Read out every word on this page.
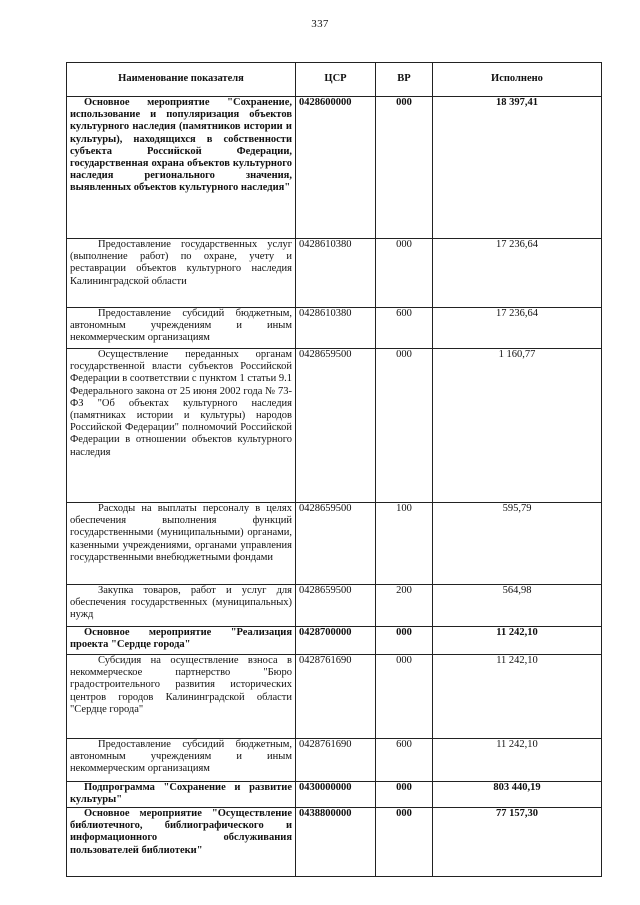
337
Наименование показателя	ЦСР	ВР	Исполнено
Основное мероприятие "Сохранение, использование и популяризация объектов культурного наследия (памятников истории и культуры), находящихся в собственности субъекта Российской Федерации, государственная охрана объектов культурного наследия регионального значения, выявленных объектов культурного наследия"	0428600000	000	18 397,41
Предоставление государственных услуг (выполнение работ) по охране, учету и реставрации объектов культурного наследия Калининградской области	0428610380	000	17 236,64
Предоставление субсидий бюджетным, автономным учреждениям и иным некоммерческим организациям	0428610380	600	17 236,64
Осуществление переданных органам государственной власти субъектов Российской Федерации в соответствии с пунктом 1 статьи 9.1 Федерального закона от 25 июня 2002 года № 73-ФЗ "Об объектах культурного наследия (памятниках истории и культуры) народов Российской Федерации" полномочий Российской Федерации в отношении объектов культурного наследия	0428659500	000	1 160,77
Расходы на выплаты персоналу в целях обеспечения выполнения функций государственными (муниципальными) органами, казенными учреждениями, органами управления государственными внебюджетными фондами	0428659500	100	595,79
Закупка товаров, работ и услуг для обеспечения государственных (муниципальных) нужд	0428659500	200	564,98
Основное мероприятие "Реализация проекта "Сердце города"	0428700000	000	11 242,10
Субсидия на осуществление взноса в некоммерческое партнерство "Бюро градостроительного развития исторических центров городов Калининградской области "Сердце города"	0428761690	000	11 242,10
Предоставление субсидий бюджетным, автономным учреждениям и иным некоммерческим организациям	0428761690	600	11 242,10
Подпрограмма "Сохранение и развитие культуры"	0430000000	000	803 440,19
Основное мероприятие "Осуществление библиотечного, библиографического и информационного обслуживания пользователей библиотеки"	0438800000	000	77 157,30
